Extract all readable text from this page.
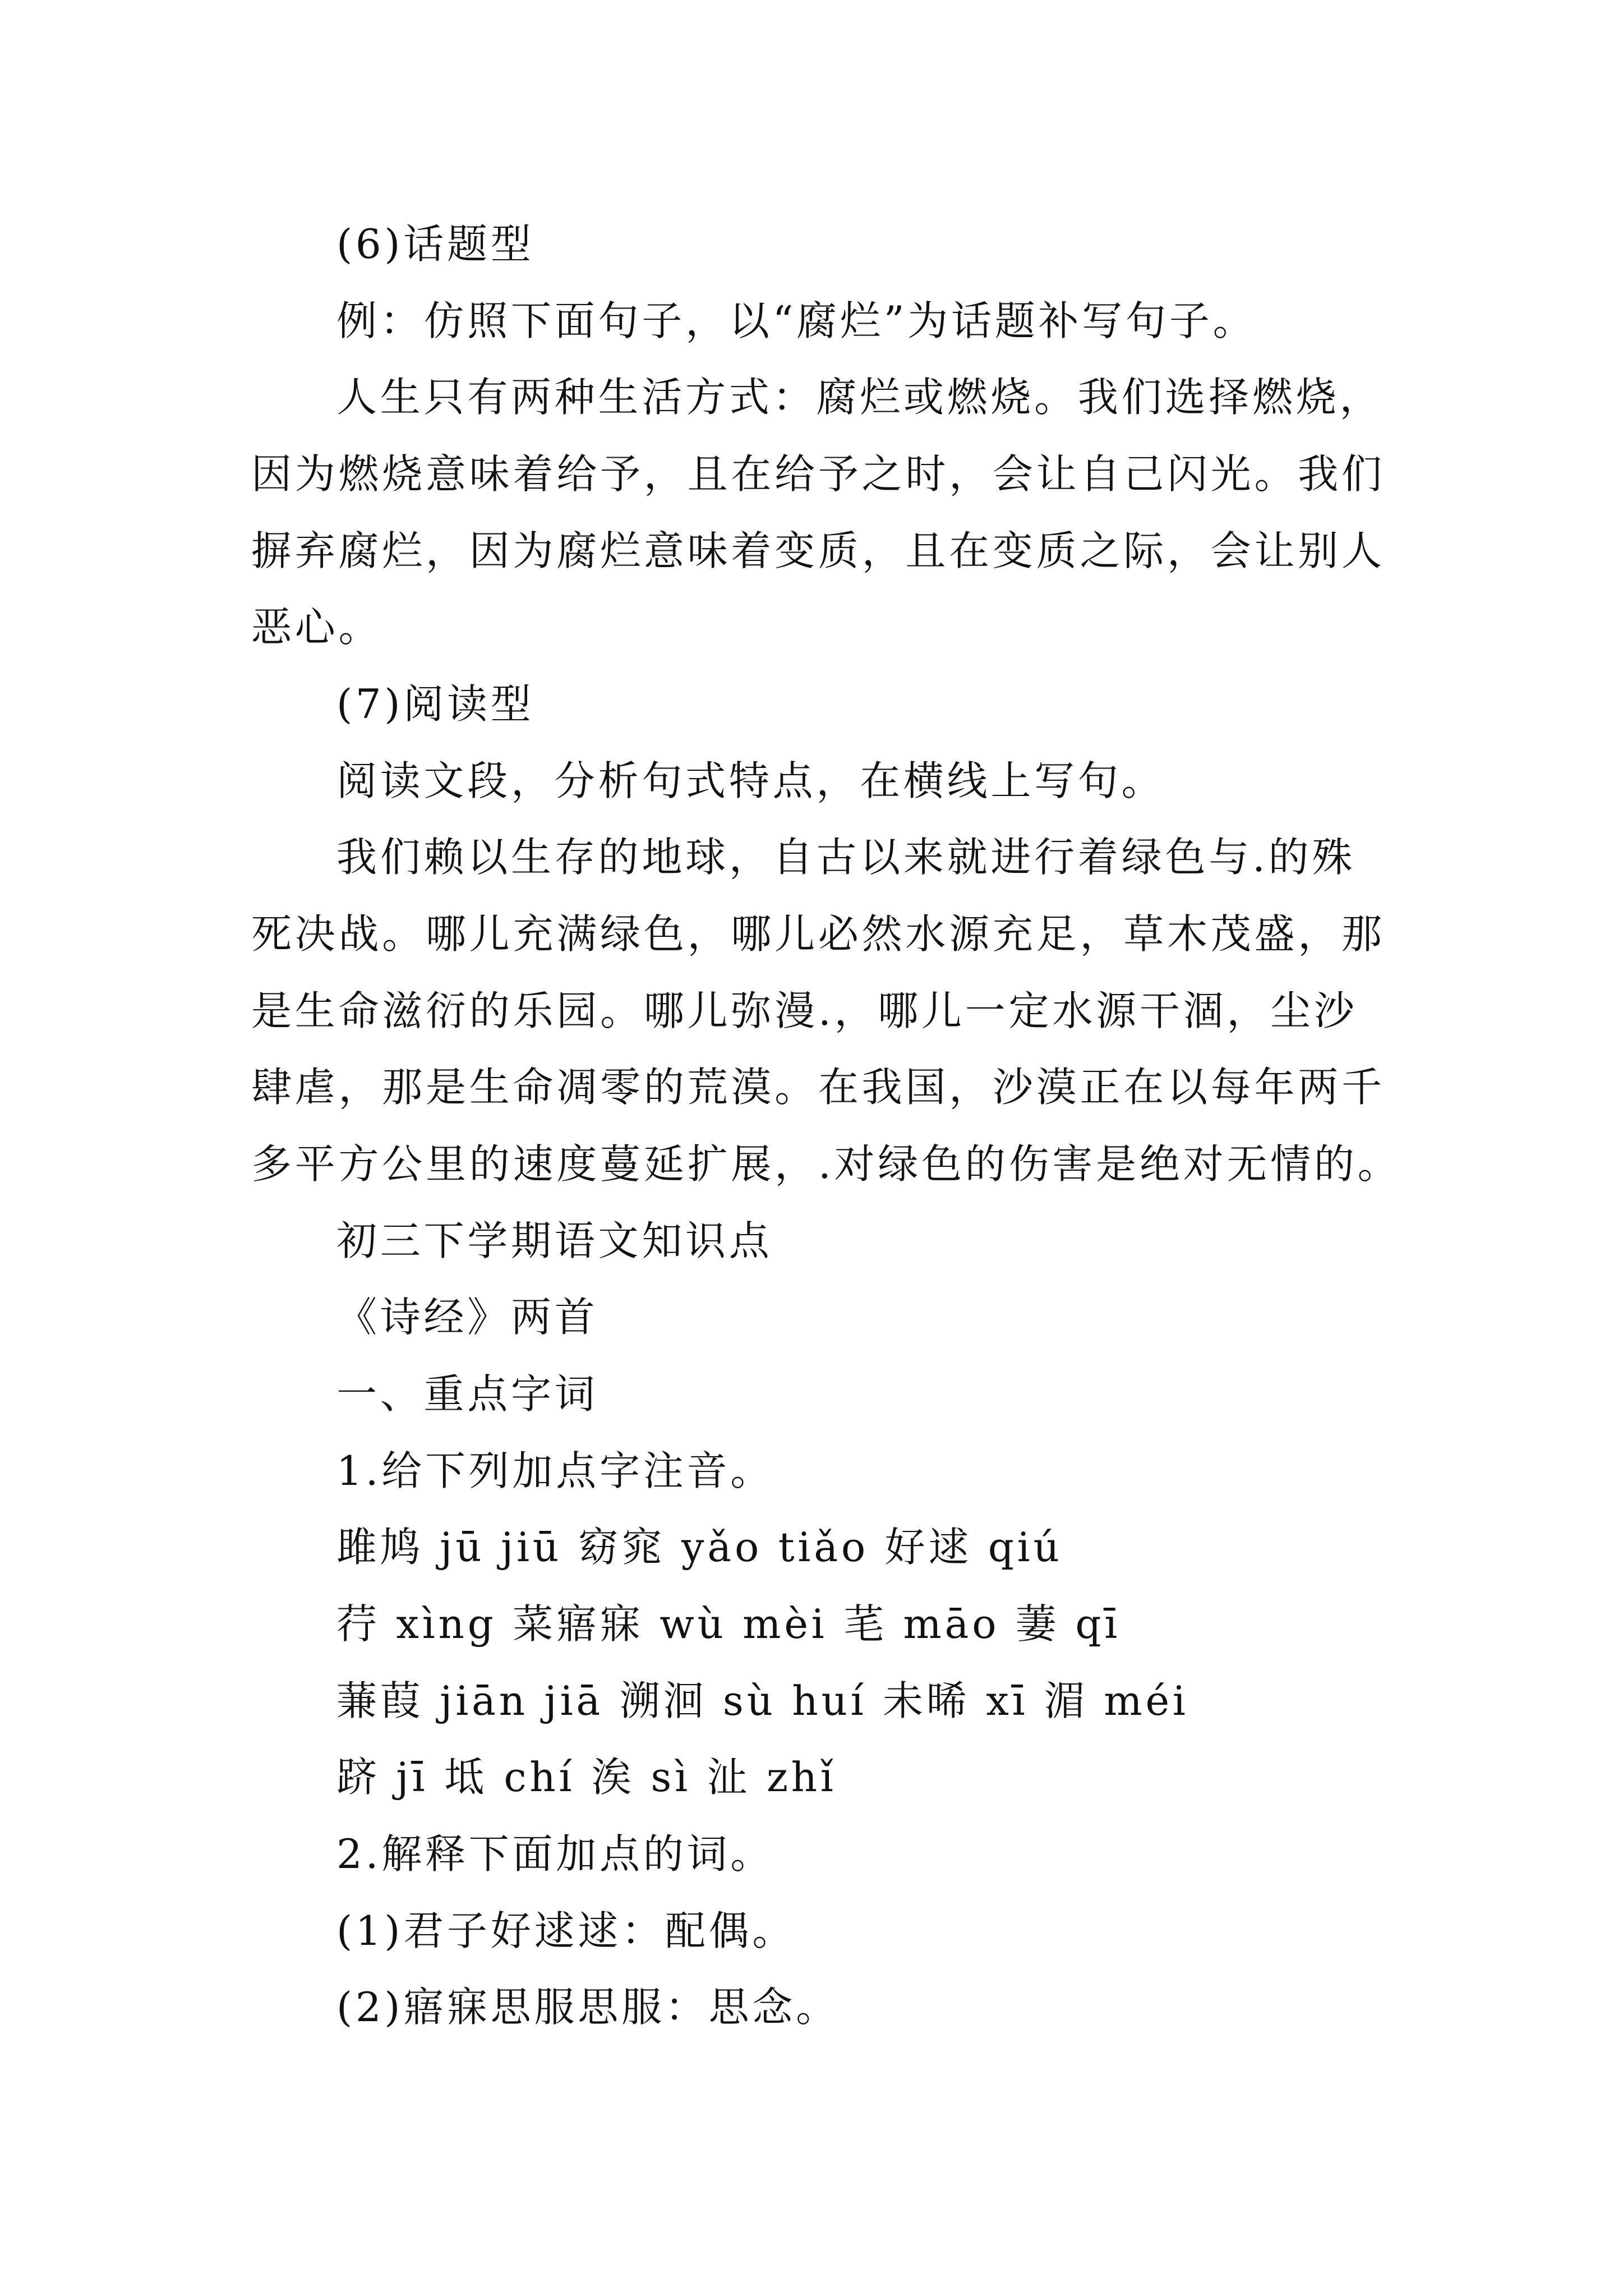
(6)话题型
例：仿照下面句子，以“腐烂”为话题补写句子。
人生只有两种生活方式：腐烂或燃烧。我们选择燃烧，
因为燃烧意味着给予，且在给予之时，会让自己闪光。我们
摒弃腐烂，因为腐烂意味着变质，且在变质之际，会让别人
恶心。
(7)阅读型
阅读文段，分析句式特点，在横线上写句。
我们赖以生存的地球，自古以来就进行着绿色与.的殊
死决战。哪儿充满绿色，哪儿必然水源充足，草木茂盛，那
是生命滋衍的乐园。哪儿弥漫.，哪儿一定水源干涸，尘沙
肆虐，那是生命凋零的荒漠。在我国，沙漠正在以每年两千
多平方公里的速度蔓延扩展，.对绿色的伤害是绝对无情的。
初三下学期语文知识点
《诗经》两首
一、重点字词
1.给下列加点字注音。
雎鸠 jū jiū 窈窕 yǎo tiǎo 好逑 qiú
荇 xìng 菜寤寐 wù mèi 芼 māo 萋 qī
蒹葭 jiān jiā 溯洄 sù huí 未晞 xī 湄 méi
跻 jī 坻 chí 涘 sì 沚 zhǐ
2.解释下面加点的词。
(1)君子好逑逑：配偶。
(2)寤寐思服思服：思念。
